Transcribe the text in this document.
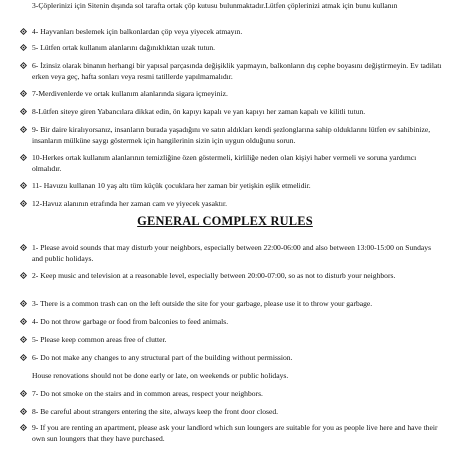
3-Çöplerinizi için Sitenin dışında sol tarafta ortak çöp kutusu bulunmaktadır.Lütfen çöplerinizi atmak için bunu kullanın
4- Hayvanları beslemek için balkonlardan çöp veya yiyecek atmayın.
5- Lütfen ortak kullanım alanlarını dağınıklıktan uzak tutun.
6- İzinsiz olarak binanın herhangi bir yapısal parçasında değişiklik yapmayın, balkonların dış cephe boyasını değiştirmeyin. Ev tadilatı erken veya geç, hafta sonları veya resmi tatillerde yapılmamalıdır.
7-Merdivenlerde ve ortak kullanım alanlarında sigara içmeyiniz.
8-Lütfen siteye giren Yabancılara dikkat edin, ön kapıyı kapalı ve yan kapıyı her zaman kapalı ve kilitli tutun.
9- Bir daire kiralıyorsanız, insanların burada yaşadığını ve satın aldıkları kendi şezlonglarına sahip olduklarını lütfen ev sahibinize, insanların mülküne saygı göstermek için hangilerinin sizin için uygun olduğunu sorun.
10-Herkes ortak kullanım alanlarının temizliğine özen göstermeli, kirliliğe neden olan kişiyi haber vermeli ve soruna yardımcı olmalıdır.
11- Havuzu kullanan 10 yaş altı tüm küçük çocuklara her zaman bir yetişkin eşlik etmelidir.
12-Havuz alanının etrafında her zaman cam ve yiyecek yasaktır.
GENERAL COMPLEX RULES
1- Please avoid sounds that may disturb your neighbors, especially between 22:00-06:00 and also between 13:00-15:00 on Sundays and public holidays.
2- Keep music and television at a reasonable level, especially between 20:00-07:00, so as not to disturb your neighbors.
3- There is a common trash can on the left outside the site for your garbage, please use it to throw your garbage.
4- Do not throw garbage or food from balconies to feed animals.
5- Please keep common areas free of clutter.
6- Do not make any changes to any structural part of the building without permission.
House renovations should not be done early or late, on weekends or public holidays.
7- Do not smoke on the stairs and in common areas, respect your neighbors.
8- Be careful about strangers entering the site, always keep the front door closed.
9- If you are renting an apartment, please ask your landlord which sun loungers are suitable for you as people live here and have their own sun loungers that they have purchased.
